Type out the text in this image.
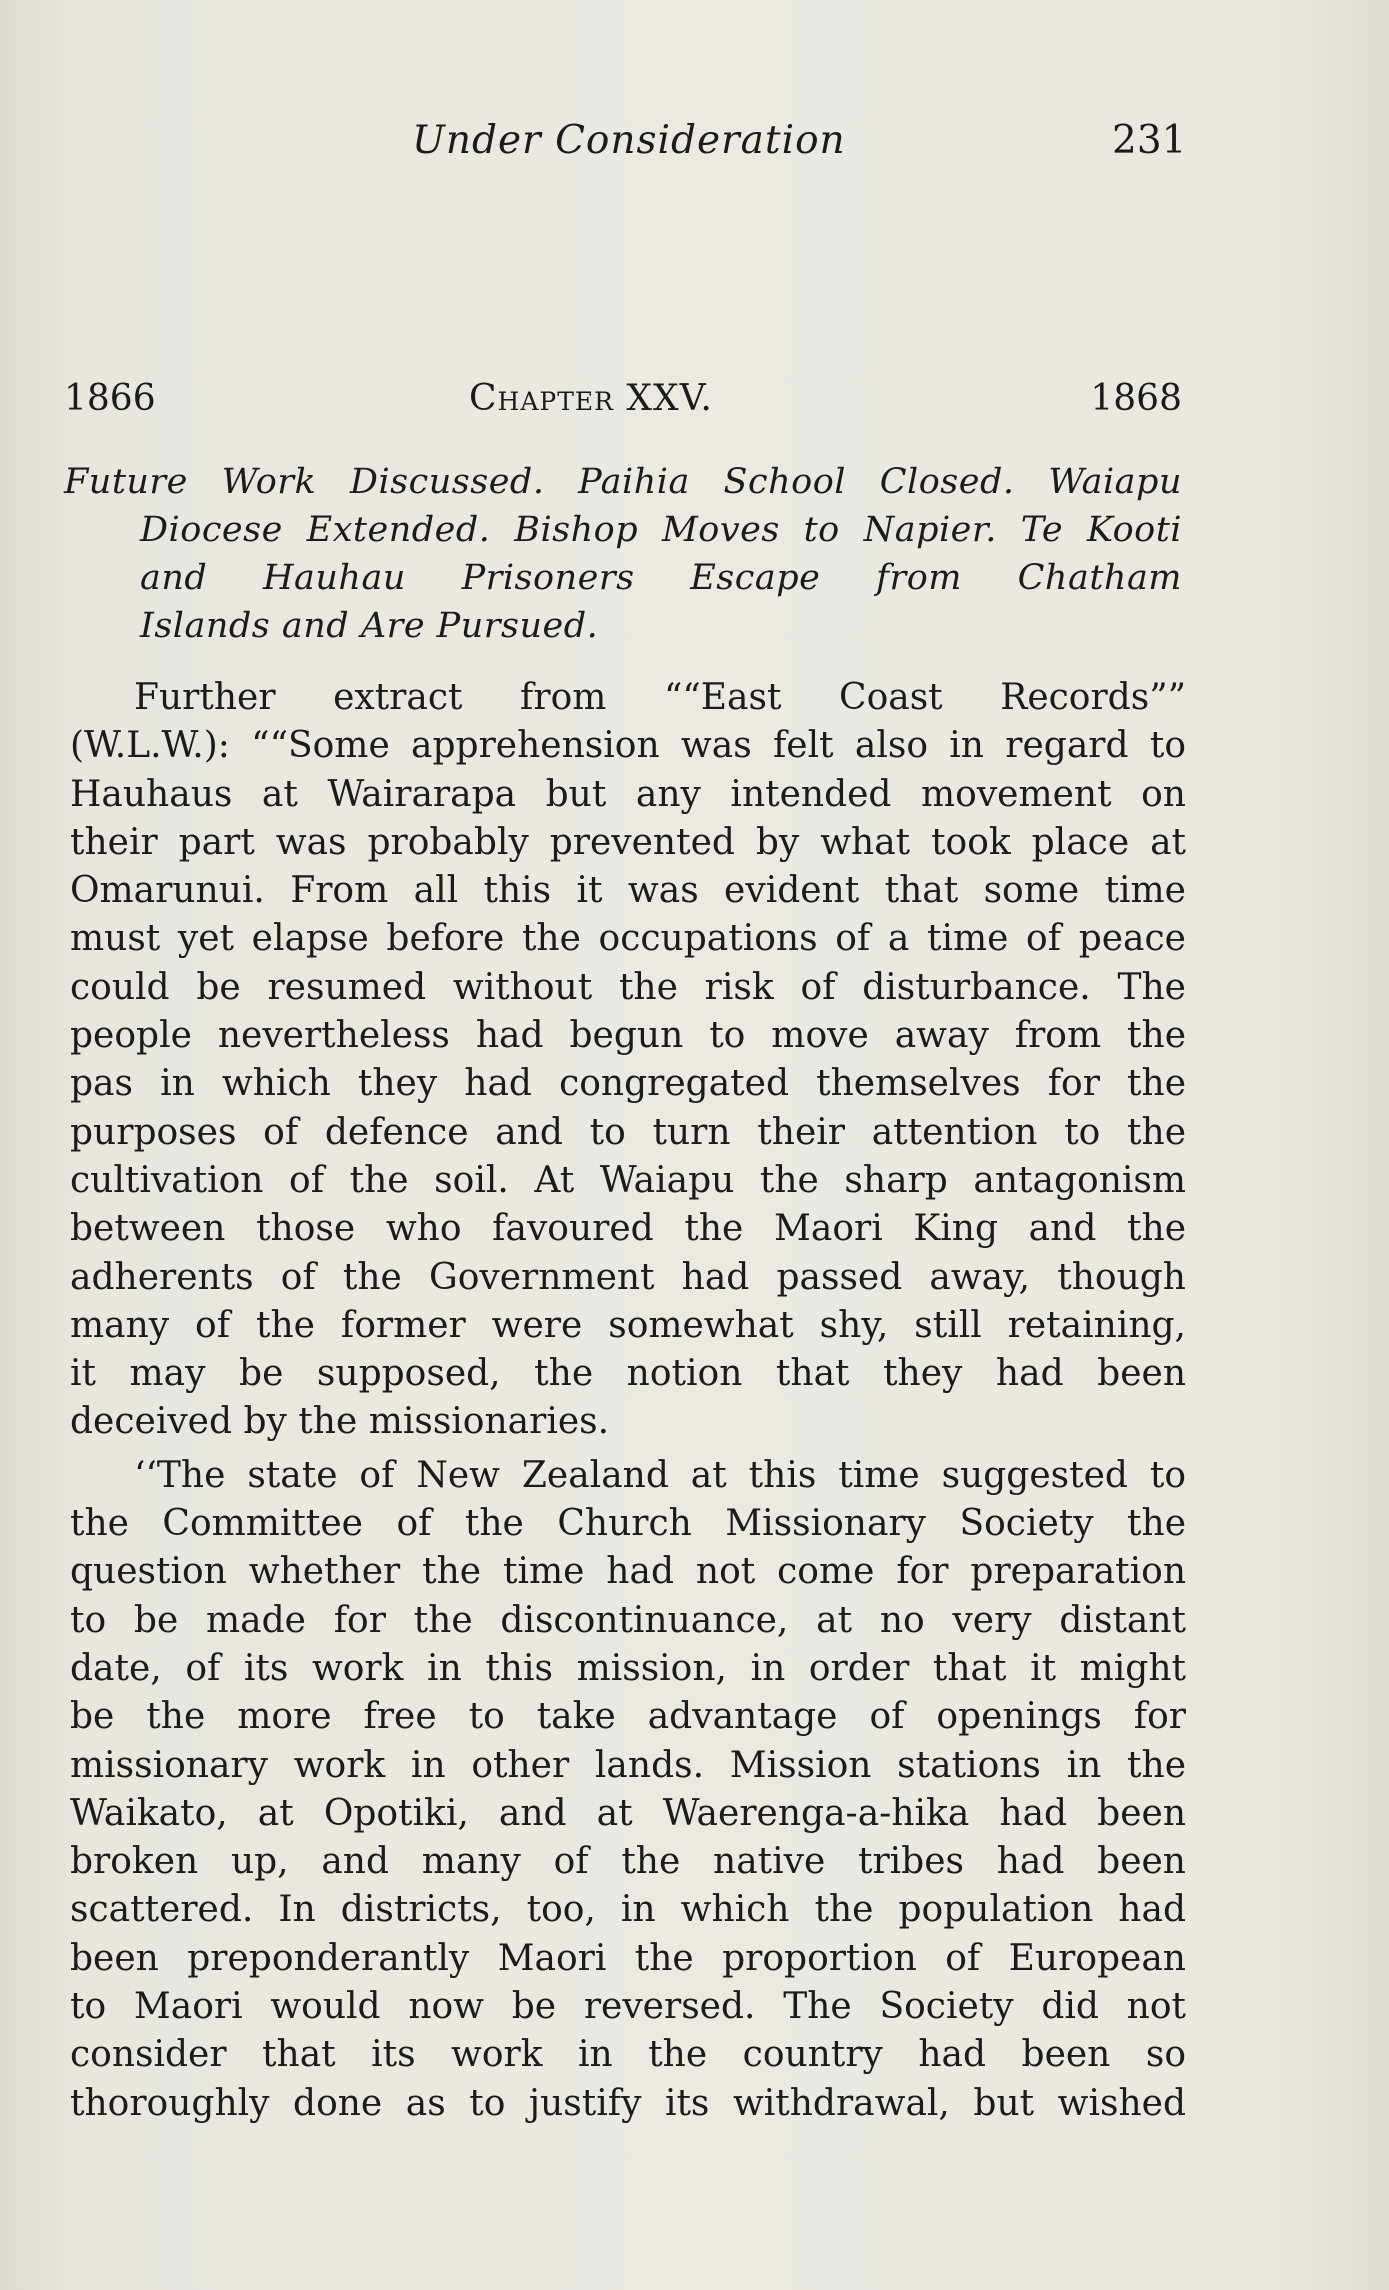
Under Consideration	231
1866	Chapter XXV.	1868
Future Work Discussed. Paihia School Closed. Waiapu
Diocese Extended. Bishop Moves to Napier. Te Kooti
and Hauhau Prisoners Escape from Chatham
Islands and Are Pursued.
Further extract from ““East Coast Records””
(W.L.W.): ““Some apprehension was felt also in regard to
Hauhaus at Wairarapa but any intended movement on
their part was probably prevented by what took place at
Omarunui. From all this it was evident that some time
must yet elapse before the occupations of a time of peace
could be resumed without the risk of disturbance. The
people nevertheless had begun to move away from the
pas in which they had congregated themselves for the
purposes of defence and to turn their attention to the
cultivation of the soil. At Waiapu the sharp antagonism
between those who favoured the Maori King and the
adherents of the Government had passed away, though
many of the former were somewhat shy, still retaining,
it may be supposed, the notion that they had been
deceived by the missionaries.
‘‘The state of New Zealand at this time suggested to
the Committee of the Church Missionary Society the
question whether the time had not come for preparation
to be made for the discontinuance, at no very distant
date, of its work in this mission, in order that it might
be the more free to take advantage of openings for
missionary work in other lands. Mission stations in the
Waikato, at Opotiki, and at Waerenga-a-hika had been
broken up, and many of the native tribes had been
scattered. In districts, too, in which the population had
been preponderantly Maori the proportion of European
to Maori would now be reversed. The Society did not
consider that its work in the country had been so
thoroughly done as to justify its withdrawal, but wished
